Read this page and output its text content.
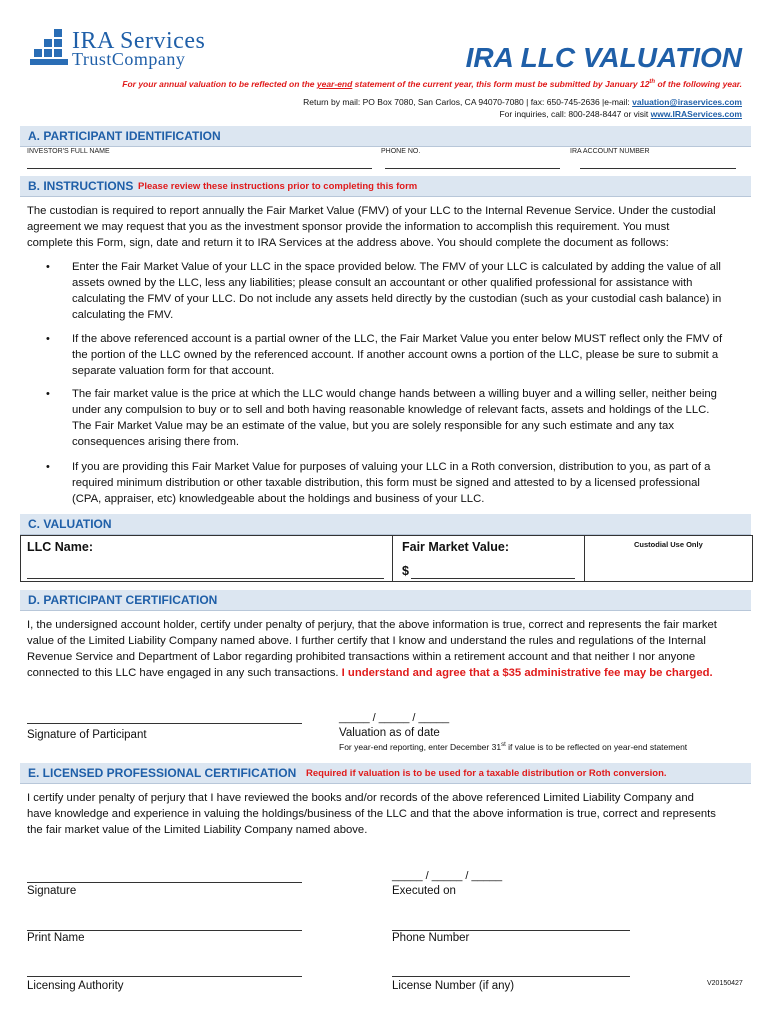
IRA Services
TrustCompany	IRA LLC VALUATION
For your annual valuation to be reflected on the year-end statement of the current year, this form must be submitted by January 12th of the following year.
Return by mail: PO Box 7080, San Carlos, CA 94070-7080 | fax: 650-745-2636 |e-mail: valuation@iraservices.com
For inquiries, call: 800-248-8447 or visit www.IRAServices.com
A. PARTICIPANT IDENTIFICATION
INVESTOR'S FULL NAME	PHONE NO.	IRA ACCOUNT NUMBER
B. INSTRUCTIONS Please review these instructions prior to completing this form
The custodian is required to report annually the Fair Market Value (FMV) of your LLC to the Internal Revenue Service. Under the custodial
agreement we may request that you as the investment sponsor provide the information to accomplish this requirement. You must
complete this Form, sign, date and return it to IRA Services at the address above. You should complete the document as follows:
• Enter the Fair Market Value of your LLC in the space provided below. The FMV of your LLC is calculated by adding the value of all
assets owned by the LLC, less any liabilities; please consult an accountant or other qualified professional for assistance with
calculating the FMV of your LLC. Do not include any assets held directly by the custodian (such as your custodial cash balance) in
calculating the FMV.
• If the above referenced account is a partial owner of the LLC, the Fair Market Value you enter below MUST reflect only the FMV of
the portion of the LLC owned by the referenced account. If another account owns a portion of the LLC, please be sure to submit a
separate valuation form for that account.
• The fair market value is the price at which the LLC would change hands between a willing buyer and a willing seller, neither being
under any compulsion to buy or to sell and both having reasonable knowledge of relevant facts, assets and holdings of the LLC.
The Fair Market Value may be an estimate of the value, but you are solely responsible for any such estimate and any tax
consequences arising there from.
• If you are providing this Fair Market Value for purposes of valuing your LLC in a Roth conversion, distribution to you, as part of a
required minimum distribution or other taxable distribution, this form must be signed and attested to by a licensed professional
(CPA, appraiser, etc) knowledgeable about the holdings and business of your LLC.
C. VALUATION
LLC Name:	Fair Market Value:	Custodial Use Only
$
D. PARTICIPANT CERTIFICATION
I, the undersigned account holder, certify under penalty of perjury, that the above information is true, correct and represents the fair market
value of the Limited Liability Company named above. I further certify that I know and understand the rules and regulations of the Internal
Revenue Service and Department of Labor regarding prohibited transactions within a retirement account and that neither I nor anyone
connected to this LLC have engaged in any such transactions. I understand and agree that a $35 administrative fee may be charged.
Signature of Participant
_____ / _____ / _____
Valuation as of date
For year-end reporting, enter December 31st if value is to be reflected on year-end statement
E. LICENSED PROFESSIONAL CERTIFICATION Required if valuation is to be used for a taxable distribution or Roth conversion.
I certify under penalty of perjury that I have reviewed the books and/or records of the above referenced Limited Liability Company and
have knowledge and experience in valuing the holdings/business of the LLC and that the above information is true, correct and represents
the fair market value of the Limited Liability Company named above.
Signature
_____ / _____ / _____
Executed on
Print Name	Phone Number
Licensing Authority	License Number (if any)	V20150427
